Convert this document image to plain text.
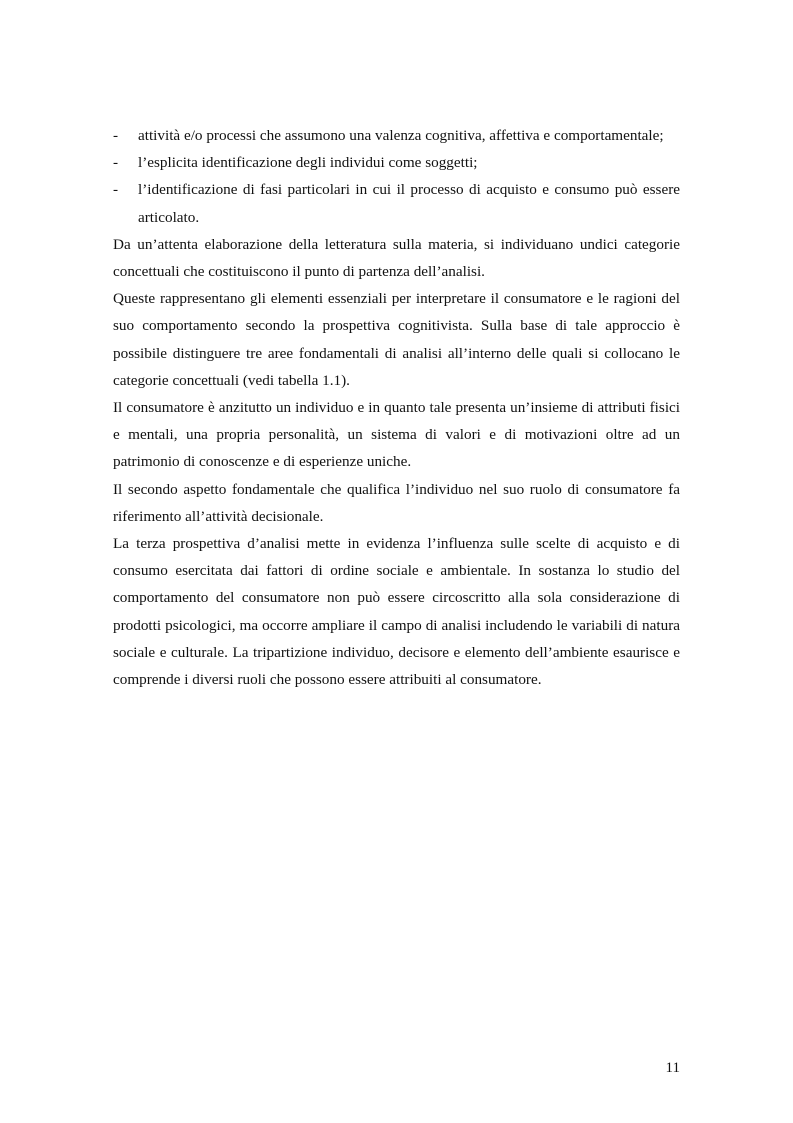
- attività e/o processi che assumono una valenza cognitiva, affettiva e comportamentale;
- l’esplicita identificazione degli individui come soggetti;
- l’identificazione di fasi particolari in cui il processo di acquisto e consumo può essere articolato.

Da un’attenta elaborazione della letteratura sulla materia, si individuano undici categorie concettuali che costituiscono il punto di partenza dell’analisi.

Queste rappresentano gli elementi essenziali per interpretare il consumatore e le ragioni del suo comportamento secondo la prospettiva cognitivista. Sulla base di tale approccio è possibile distinguere tre aree fondamentali di analisi all’interno delle quali si collocano le categorie concettuali (vedi tabella 1.1).

Il consumatore è anzitutto un individuo e in quanto tale presenta un’insieme di attributi fisici e mentali, una propria personalità, un sistema di valori e di motivazioni oltre ad un patrimonio di conoscenze e di esperienze uniche.

Il secondo aspetto fondamentale che qualifica l’individuo nel suo ruolo di consumatore fa riferimento all’attività decisionale.

La terza prospettiva d’analisi mette in evidenza l’influenza sulle scelte di acquisto e di consumo esercitata dai fattori di ordine sociale e ambientale. In sostanza lo studio del comportamento del consumatore non può essere circoscritto alla sola considerazione di prodotti psicologici, ma occorre ampliare il campo di analisi includendo le variabili di natura sociale e culturale. La tripartizione individuo, decisore e elemento dell’ambiente esaurisce e comprende i diversi ruoli che possono essere attribuiti al consumatore.

11
